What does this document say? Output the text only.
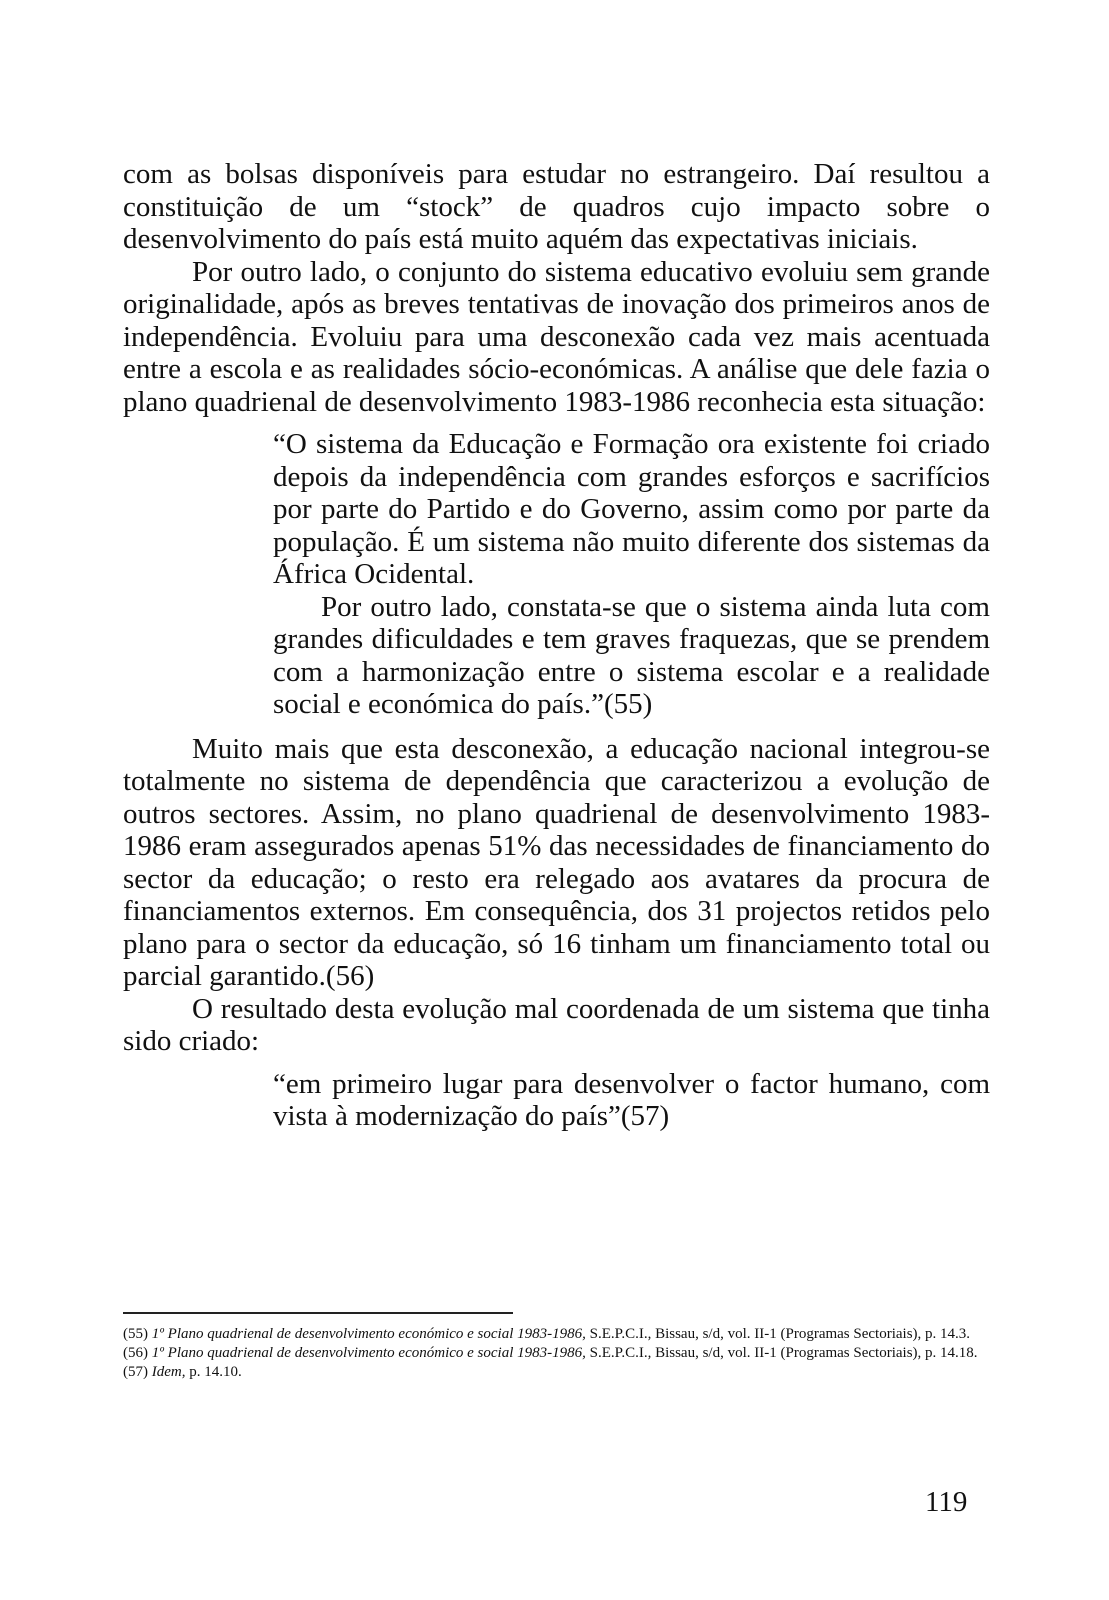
com as bolsas disponíveis para estudar no estrangeiro. Daí resultou a constituição de um “stock” de quadros cujo impacto sobre o desenvolvimento do país está muito aquém das expectativas iniciais.

Por outro lado, o conjunto do sistema educativo evoluiu sem grande originalidade, após as breves tentativas de inovação dos primeiros anos de independência. Evoluiu para uma desconexão cada vez mais acentuada entre a escola e as realidades sócio-económicas. A análise que dele fazia o plano quadrienal de desenvolvimento 1983-1986 reconhecia esta situação:

“O sistema da Educação e Formação ora existente foi criado depois da independência com grandes esforços e sacrifícios por parte do Partido e do Governo, assim como por parte da população. É um sistema não muito diferente dos sistemas da África Ocidental.
Por outro lado, constata-se que o sistema ainda luta com grandes dificuldades e tem graves fraquezas, que se prendem com a harmonização entre o sistema escolar e a realidade social e económica do país.”(55)

Muito mais que esta desconexão, a educação nacional integrou-se totalmente no sistema de dependência que caracterizou a evolução de outros sectores. Assim, no plano quadrienal de desenvolvimento 1983-1986 eram assegurados apenas 51% das necessidades de financiamento do sector da educação; o resto era relegado aos avatares da procura de financiamentos externos. Em consequência, dos 31 projectos retidos pelo plano para o sector da educação, só 16 tinham um financiamento total ou parcial garantido.(56)

O resultado desta evolução mal coordenada de um sistema que tinha sido criado:

“em primeiro lugar para desenvolver o factor humano, com vista à modernização do país”(57)

(55) 1º Plano quadrienal de desenvolvimento económico e social 1983-1986, S.E.P.C.I., Bissau, s/d, vol. II-1 (Programas Sectoriais), p. 14.3.

(56) 1º Plano quadrienal de desenvolvimento económico e social 1983-1986, S.E.P.C.I., Bissau, s/d, vol. II-1 (Programas Sectoriais), p. 14.18.

(57) Idem, p. 14.10.

119
